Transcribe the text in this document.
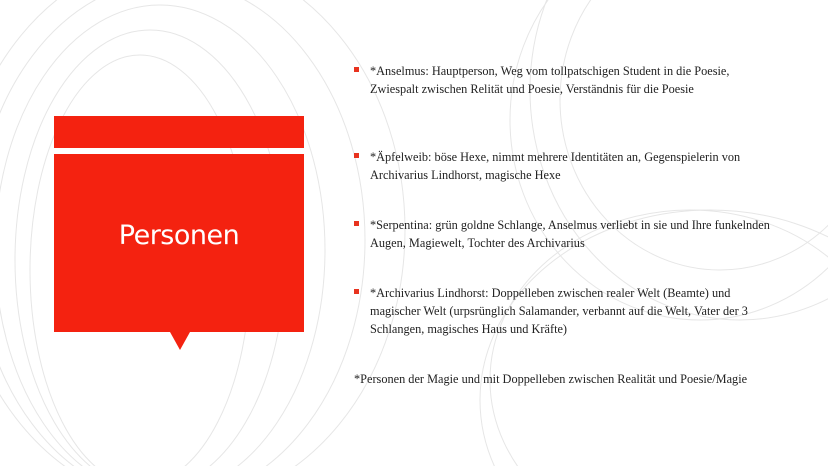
Personen
*Anselmus: Hauptperson, Weg vom tollpatschigen Student in die Poesie, Zwiespalt zwischen Relität und Poesie, Verständnis für die Poesie
*Äpfelweib: böse Hexe, nimmt mehrere Identitäten an, Gegenspielerin von Archivarius Lindhorst, magische Hexe
*Serpentina: grün goldne Schlange, Anselmus verliebt in sie und Ihre funkelnden Augen, Magiewelt, Tochter des Archivarius
*Archivarius Lindhorst: Doppelleben zwischen realer Welt (Beamte) und magischer Welt (urpsrünglich Salamander, verbannt auf die Welt, Vater der 3 Schlangen, magisches Haus und Kräfte)
*Personen der Magie und mit Doppelleben zwischen Realität und Poesie/Magie
